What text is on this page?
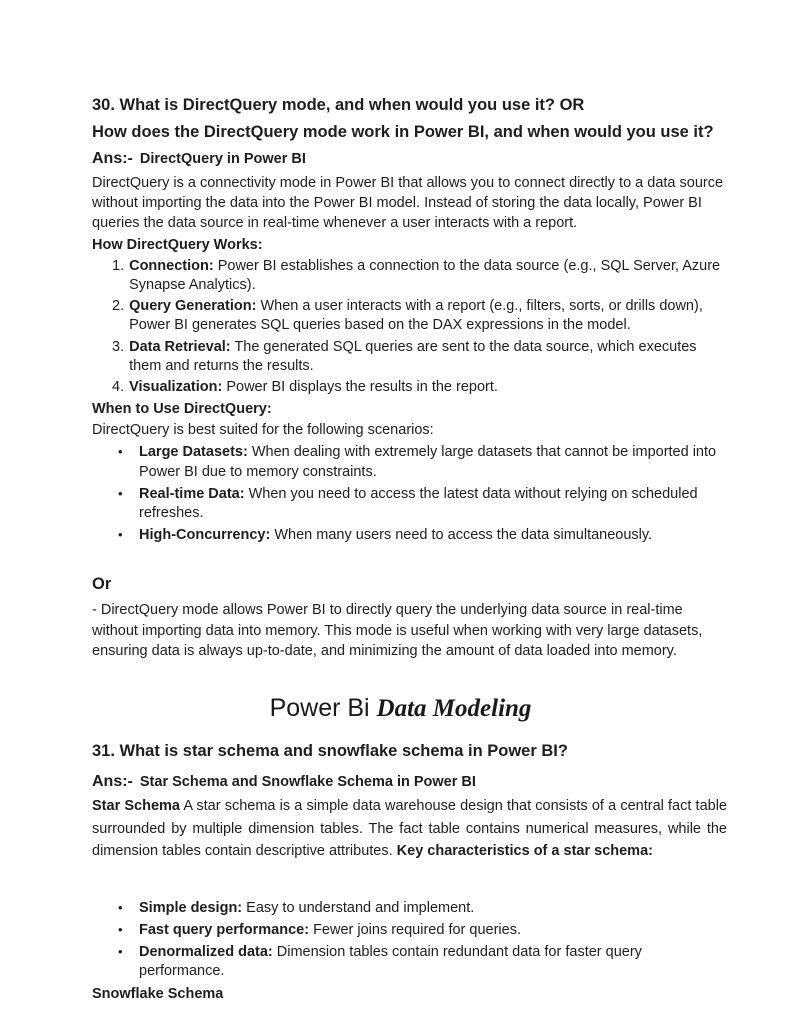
30. What is DirectQuery mode, and when would you use it? OR
How does the DirectQuery mode work in Power BI, and when would you use it?

Ans:- DirectQuery in Power BI

DirectQuery is a connectivity mode in Power BI that allows you to connect directly to a data source without importing the data into the Power BI model. Instead of storing the data locally, Power BI queries the data source in real-time whenever a user interacts with a report.

How DirectQuery Works:

1. Connection: Power BI establishes a connection to the data source (e.g., SQL Server, Azure Synapse Analytics).
2. Query Generation: When a user interacts with a report (e.g., filters, sorts, or drills down), Power BI generates SQL queries based on the DAX expressions in the model.
3. Data Retrieval: The generated SQL queries are sent to the data source, which executes them and returns the results.
4. Visualization: Power BI displays the results in the report.

When to Use DirectQuery:

DirectQuery is best suited for the following scenarios:

• Large Datasets: When dealing with extremely large datasets that cannot be imported into Power BI due to memory constraints.
• Real-time Data: When you need to access the latest data without relying on scheduled refreshes.
• High-Concurrency: When many users need to access the data simultaneously.
Or

- DirectQuery mode allows Power BI to directly query the underlying data source in real-time without importing data into memory. This mode is useful when working with very large datasets, ensuring data is always up-to-date, and minimizing the amount of data loaded into memory.

Power Bi Data Modeling
31. What is star schema and snowflake schema in Power BI?

Ans:- Star Schema and Snowflake Schema in Power BI

Star Schema A star schema is a simple data warehouse design that consists of a central fact table surrounded by multiple dimension tables. The fact table contains numerical measures, while the dimension tables contain descriptive attributes. Key characteristics of a star schema:

• Simple design: Easy to understand and implement.
• Fast query performance: Fewer joins required for queries.
• Denormalized data: Dimension tables contain redundant data for faster query performance.

Snowflake Schema
